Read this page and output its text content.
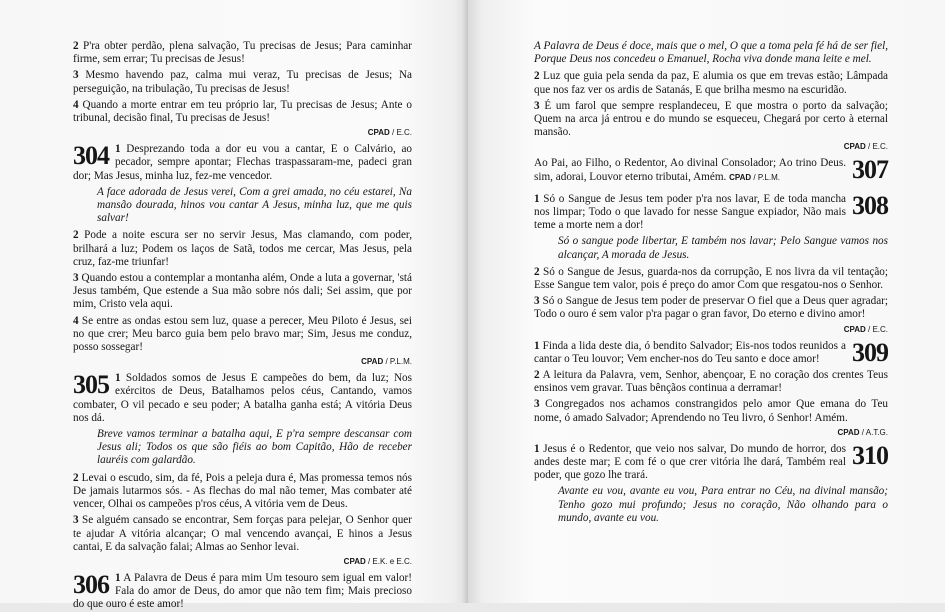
2 P'ra obter perdão, plena salvação, Tu precisas de Jesus; Para caminhar firme, sem errar; Tu precisas de Jesus!

3 Mesmo havendo paz, calma mui veraz, Tu precisas de Jesus; Na perseguição, na tribulação, Tu precisas de Jesus!

4 Quando a morte entrar em teu próprio lar, Tu precisas de Jesus; Ante o tribunal, decisão final, Tu precisas de Jesus!

CPAD / E.C.
304 1 Desprezando toda a dor eu vou a cantar, E o Calvário, ao pecador, sempre apontar; Flechas traspassaram-me, padeci gran dor; Mas Jesus, minha luz, fez-me vencedor.

A face adorada de Jesus verei, Com a grei amada, no céu estarei, Na mansão dourada, hinos vou cantar A Jesus, minha luz, que me quis salvar!

2 Pode a noite escura ser no servir Jesus, Mas clamando, com poder, brilhará a luz; Podem os laços de Satã, todos me cercar, Mas Jesus, pela cruz, faz-me triunfar!

3 Quando estou a contemplar a montanha além, Onde a luta a governar, 'stá Jesus também, Que estende a Sua mão sobre nós dali; Sei assim, que por mim, Cristo vela aqui.

4 Se entre as ondas estou sem luz, quase a perecer, Meu Piloto é Jesus, sei no que crer; Meu barco guia bem pelo bravo mar; Sim, Jesus me conduz, posso sossegar!

CPAD / P.L.M.
305 1 Soldados somos de Jesus E campeões do bem, da luz; Nos exércitos de Deus, Batalhamos pelos céus, Cantando, vamos combater, O vil pecado e seu poder; A batalha ganha está; A vitória Deus nos dá.

Breve vamos terminar a batalha aqui, E p'ra sempre descansar com Jesus ali; Todos os que são fiéis ao bom Capitão, Hão de receber lauréis com galardão.

2 Levai o escudo, sim, da fé, Pois a peleja dura é, Mas promessa temos nós De jamais lutarmos sós. - As flechas do mal não temer, Mas combater até vencer, Olhai os campeões p'ros céus, A vitória vem de Deus.

3 Se alguém cansado se encontrar, Sem forças para pelejar, O Senhor quer te ajudar A vitória alcançar; O mal vencendo avançai, E hinos a Jesus cantai, E da salvação falai; Almas ao Senhor levai.

CPAD / E.K. e E.C.
306 1 A Palavra de Deus é para mim Um tesouro sem igual em valor! Fala do amor de Deus, do amor que não tem fim; Mais precioso do que ouro é este amor!

A Palavra de Deus é doce, mais que o mel, O que a toma pela fé há de ser fiel, Porque Deus nos concedeu o Emanuel, Rocha viva donde mana leite e mel.

2 Luz que guia pela senda da paz, E alumia os que em trevas estão; Lâmpada que nos faz ver os ardis de Satanás, E que brilha mesmo na escuridão.

3 É um farol que sempre resplandeceu, E que mostra o porto da salvação; Quem na arca já entrou e do mundo se esqueceu, Chegará por certo à eternal mansão.

CPAD / E.C.
307

Ao Pai, ao Filho, o Redentor, Ao divinal Consolador; Ao trino Deus. sim, adorai, Louvor eterno tributai, Amém. CPAD / P.L.M.

308

1 Só o Sangue de Jesus tem poder p'ra nos lavar, E de toda mancha nos limpar; Todo o que lavado for nesse Sangue expiador, Não mais teme a morte nem a dor!

Só o sangue pode libertar, E também nos lavar; Pelo Sangue vamos nos alcançar, A morada de Jesus.

2 Só o Sangue de Jesus, guarda-nos da corrupção, E nos livra da vil tentação; Esse Sangue tem valor, pois é preço do amor Com que resgatou-nos o Senhor.

3 Só o Sangue de Jesus tem poder de preservar O fiel que a Deus quer agradar; Todo o ouro é sem valor p'ra pagar o gran favor, Do eterno e divino amor!

CPAD / E.C.
309

1 Finda a lida deste dia, ó bendito Salvador; Eis-nos todos reunidos a cantar o Teu louvor; Vem encher-nos do Teu santo e doce amor!

2 A leitura da Palavra, vem, Senhor, abençoar, E no coração dos crentes Teus ensinos vem gravar. Tuas bênçãos continua a derramar!

3 Congregados nos achamos constrangidos pelo amor Que emana do Teu nome, ó amado Salvador; Aprendendo no Teu livro, ó Senhor! Amém.

CPAD / A.T.G.
310

1 Jesus é o Redentor, que veio nos salvar, Do mundo de horror, dos andes deste mar; E com fé o que crer vitória lhe dará, Também real poder, que gozo lhe trará.

Avante eu vou, avante eu vou, Para entrar no Céu, na divinal mansão; Tenho gozo mui profundo; Jesus no coração, Não olhando para o mundo, avante eu vou.
